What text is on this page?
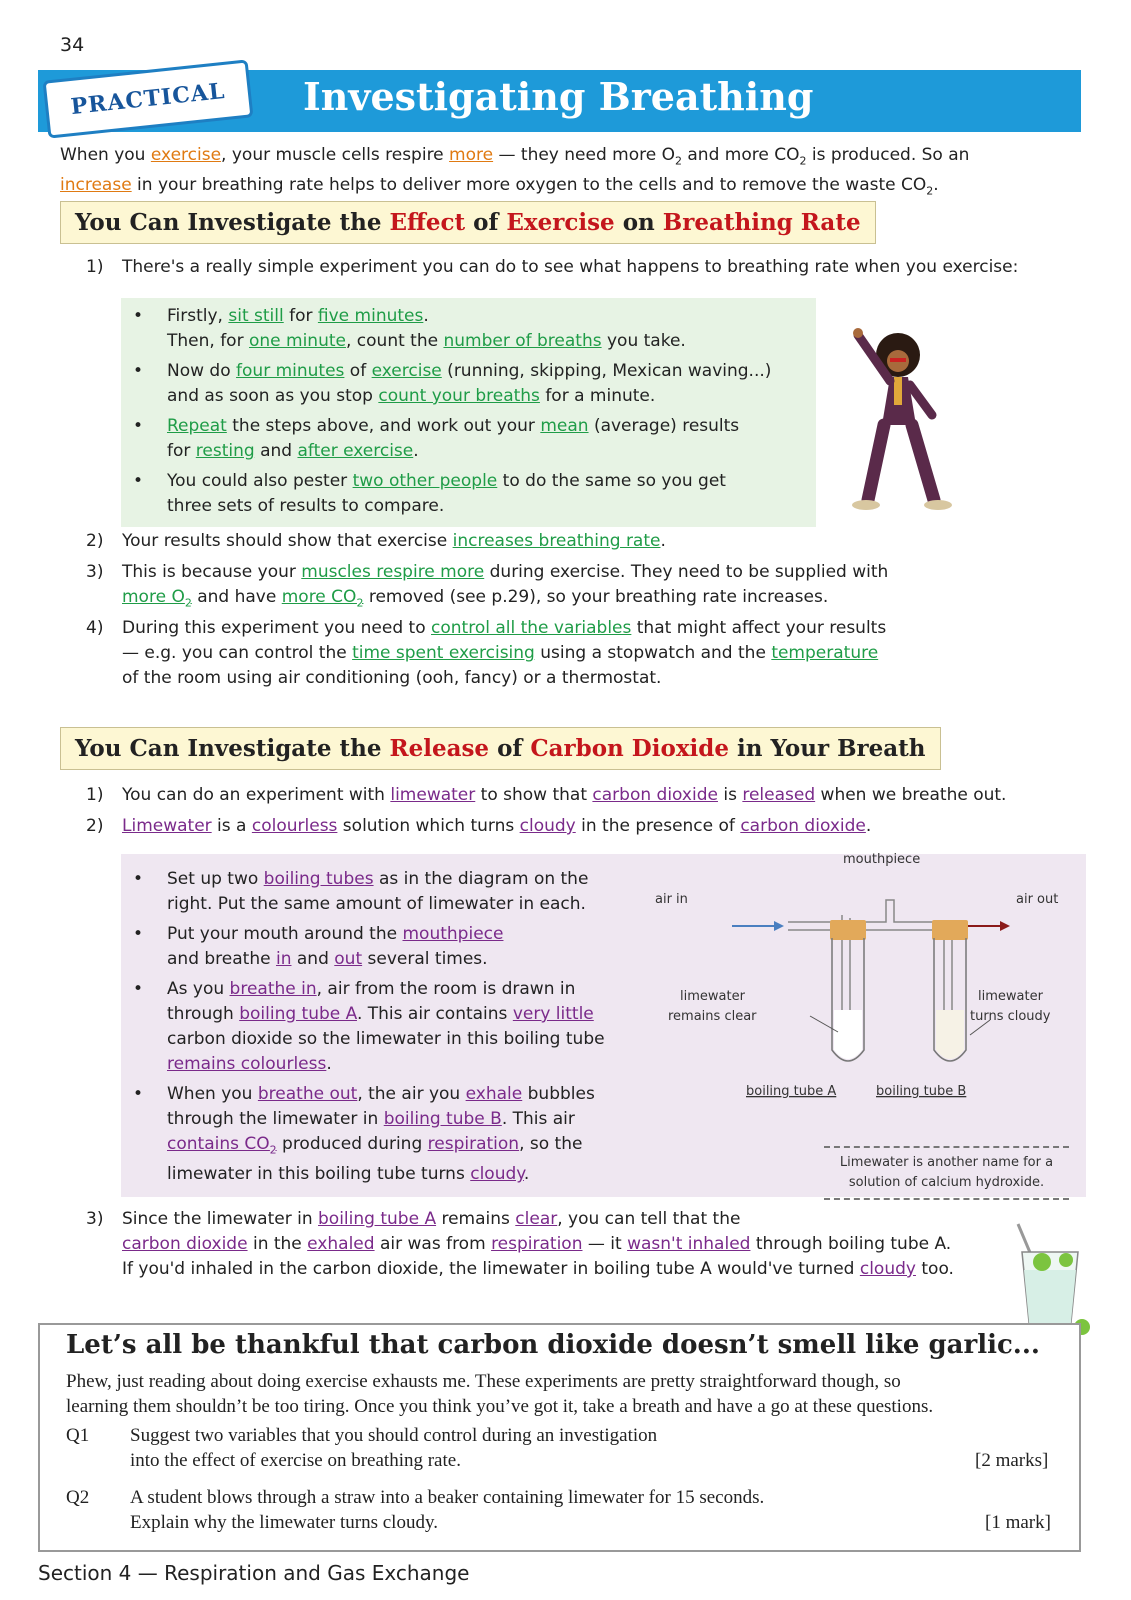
34
PRACTICAL	Investigating Breathing
When you exercise, your muscle cells respire more — they need more $O_2$ and more $CO_2$ is produced. So an
increase in your breathing rate helps to deliver more oxygen to the cells and to remove the waste $CO_2$.
You Can Investigate the Effect of Exercise on Breathing Rate
1) There's a really simple experiment you can do to see what happens to breathing rate when you exercise:
• Firstly, sit still for five minutes.
Then, for one minute, count the number of breaths you take.
• Now do four minutes of exercise (running, skipping, Mexican waving...)
and as soon as you stop count your breaths for a minute.
• Repeat the steps above, and work out your mean (average) results
for resting and after exercise.
• You could also pester two other people to do the same so you get
three sets of results to compare.
2) Your results should show that exercise increases breathing rate.
3) This is because your muscles respire more during exercise. They need to be supplied with
more $O_2$ and have more $CO_2$ removed (see p.29), so your breathing rate increases.
4) During this experiment you need to control all the variables that might affect your results
— e.g. you can control the time spent exercising using a stopwatch and the temperature
of the room using air conditioning (ooh, fancy) or a thermostat.
You Can Investigate the Release of Carbon Dioxide in Your Breath
1) You can do an experiment with limewater to show that carbon dioxide is released when we breathe out.
2) Limewater is a colourless solution which turns cloudy in the presence of carbon dioxide.
• Set up two boiling tubes as in the diagram on the
right. Put the same amount of limewater in each.
• Put your mouth around the mouthpiece
and breathe in and out several times.
• As you breathe in, air from the room is drawn in
through boiling tube A. This air contains very little
carbon dioxide so the limewater in this boiling tube
remains colourless.
• When you breathe out, the air you exhale bubbles
through the limewater in boiling tube B. This air
contains $CO_2$ produced during respiration, so the
limewater in this boiling tube turns cloudy.
mouthpiece
air in	air out
limewater
remains clear
limewater
turns cloudy
boiling tube A	boiling tube B
Limewater is another name for a
solution of calcium hydroxide.
3) Since the limewater in boiling tube A remains clear, you can tell that the
carbon dioxide in the exhaled air was from respiration — it wasn't inhaled through boiling tube A.
If you'd inhaled in the carbon dioxide, the limewater in boiling tube A would've turned cloudy too.
Let’s all be thankful that carbon dioxide doesn’t smell like garlic...
Phew, just reading about doing exercise exhausts me. These experiments are pretty straightforward though, so
learning them shouldn’t be too tiring. Once you think you’ve got it, take a breath and have a go at these questions.
Q1 Suggest two variables that you should control during an investigation
into the effect of exercise on breathing rate.	[2 marks]
Q2 A student blows through a straw into a beaker containing limewater for 15 seconds.
Explain why the limewater turns cloudy.	[1 mark]
Section 4 — Respiration and Gas Exchange
